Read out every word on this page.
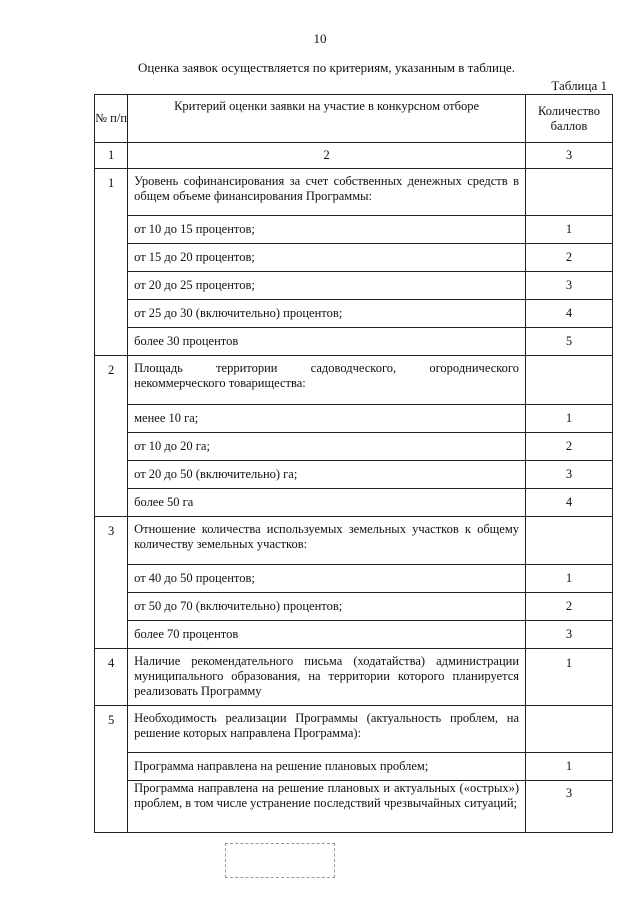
10
Оценка заявок осуществляется по критериям, указанным в таблице.
Таблица 1
№ п/п	Критерий оценки заявки на участие в конкурсном отборе	Количество баллов
1	2	3
1	Уровень софинансирования за счет собственных денежных средств в общем объеме финансирования Программы:	
	от 10 до 15 процентов;	1
	от 15 до 20 процентов;	2
	от 20 до 25 процентов;	3
	от 25 до 30 (включительно) процентов;	4
	более 30 процентов	5
2	Площадь территории садоводческого, огороднического некоммерческого товарищества:	
	менее 10 га;	1
	от 10 до 20 га;	2
	от 20 до 50 (включительно) га;	3
	более 50 га	4
3	Отношение количества используемых земельных участков к общему количеству земельных участков:	
	от 40 до 50 процентов;	1
	от 50 до 70 (включительно) процентов;	2
	более 70 процентов	3
4	Наличие рекомендательного письма (ходатайства) администрации муниципального образования, на территории которого планируется реализовать Программу	1
5	Необходимость реализации Программы (актуальность проблем, на решение которых направлена Программа):	
	Программа направлена на решение плановых проблем;	1
	Программа направлена на решение плановых и актуальных («острых») проблем, в том числе устранение последствий чрезвычайных ситуаций;	3
